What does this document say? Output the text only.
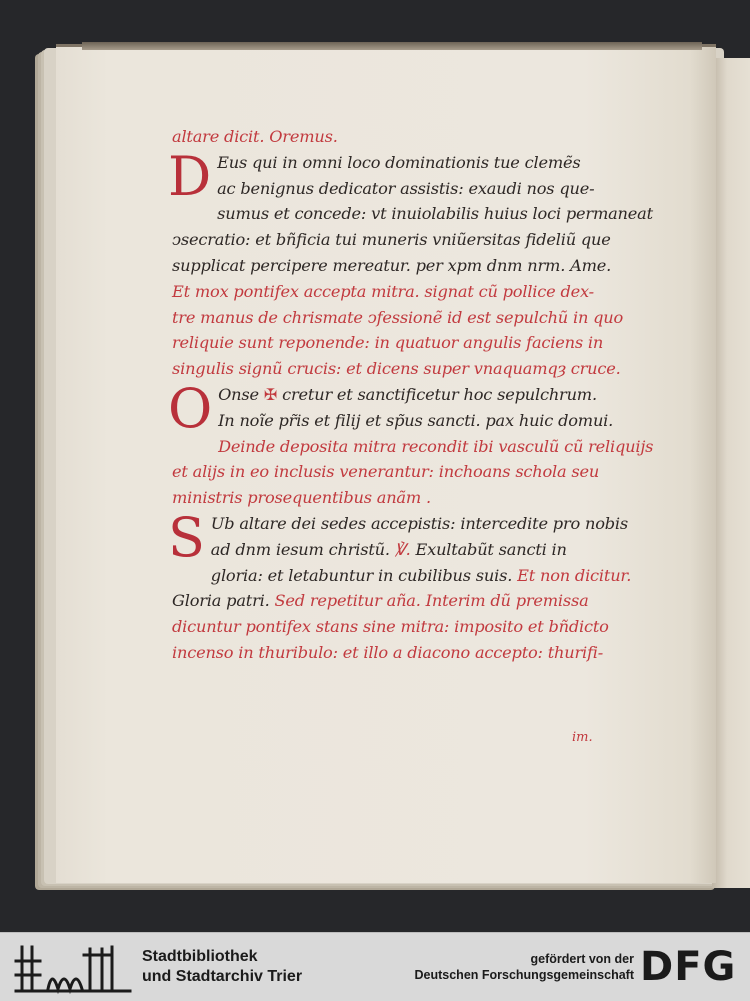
altare dicit. Oremus.
D Eus qui in omni loco dominationis tue clemẽs
ac benignus dedicator assistis: exaudi nos que-
sumus et concede: vt inuiolabilis huius loci permaneat
ↄsecratio: et bñficia tui muneris vniũersitas fideliũ que
supplicat percipere mereatur. per xpm dnm nrm. Ame.
Et mox pontifex accepta mitra. signat cũ pollice dex-
tre manus de chrismate ↄfessionẽ id est sepulchũ in quo
reliquie sunt reponende: in quatuor angulis faciens in
singulis signũ crucis: et dicens super vnaquamqȝ cruce.
O Onse ✠ cretur et sanctificetur hoc sepulchrum.
In noĩe pr̃is et filij et sp̃us sancti. pax huic domui.
Deinde deposita mitra recondit ibi vasculũ cũ reliquijs
et alijs in eo inclusis venerantur: inchoans schola seu
ministris prosequentibus anãm .
S Ub altare dei sedes accepistis: intercedite pro nobis
ad dnm iesum christũ. ℣. Exultabũt sancti in
gloria: et letabuntur in cubilibus suis. Et non dicitur.
Gloria patri. Sed repetitur aña. Interim dũ premissa
dicuntur pontifex stans sine mitra: imposito et bñdicto
incenso in thuribulo: et illo a diacono accepto: thurifi-
im.
Stadtbibliothek
und Stadtarchiv Trier
gefördert von der
Deutschen Forschungsgemeinschaft DFG
